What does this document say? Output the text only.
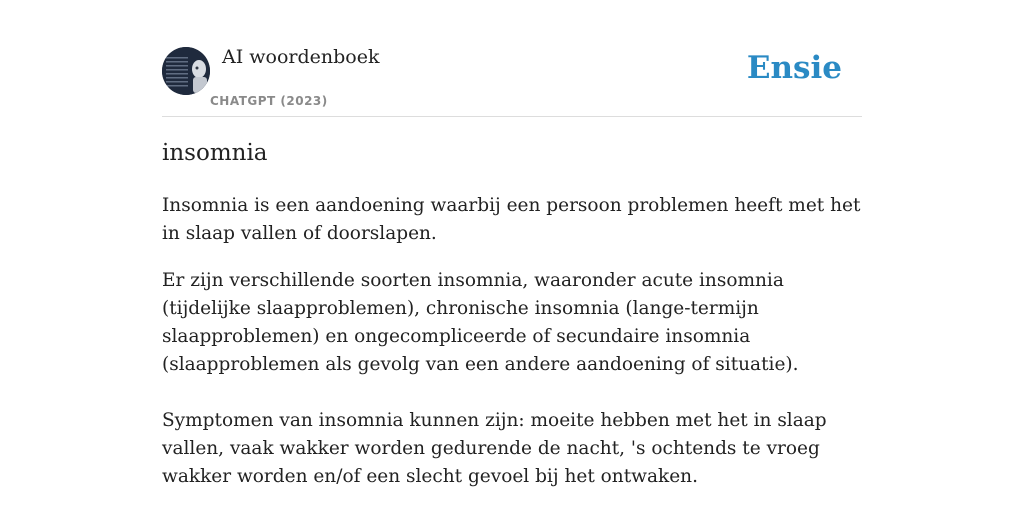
AI woordenboek
CHATGPT (2023)
Ensie
insomnia

Insomnia is een aandoening waarbij een persoon problemen heeft met het in slaap vallen of doorslapen.

Er zijn verschillende soorten insomnia, waaronder acute insomnia (tijdelijke slaapproblemen), chronische insomnia (lange-termijn slaapproblemen) en ongecompliceerde of secundaire insomnia (slaapproblemen als gevolg van een andere aandoening of situatie).

Symptomen van insomnia kunnen zijn: moeite hebben met het in slaap vallen, vaak wakker worden gedurende de nacht, 's ochtends te vroeg wakker worden en/of een slecht gevoel bij het ontwaken.
